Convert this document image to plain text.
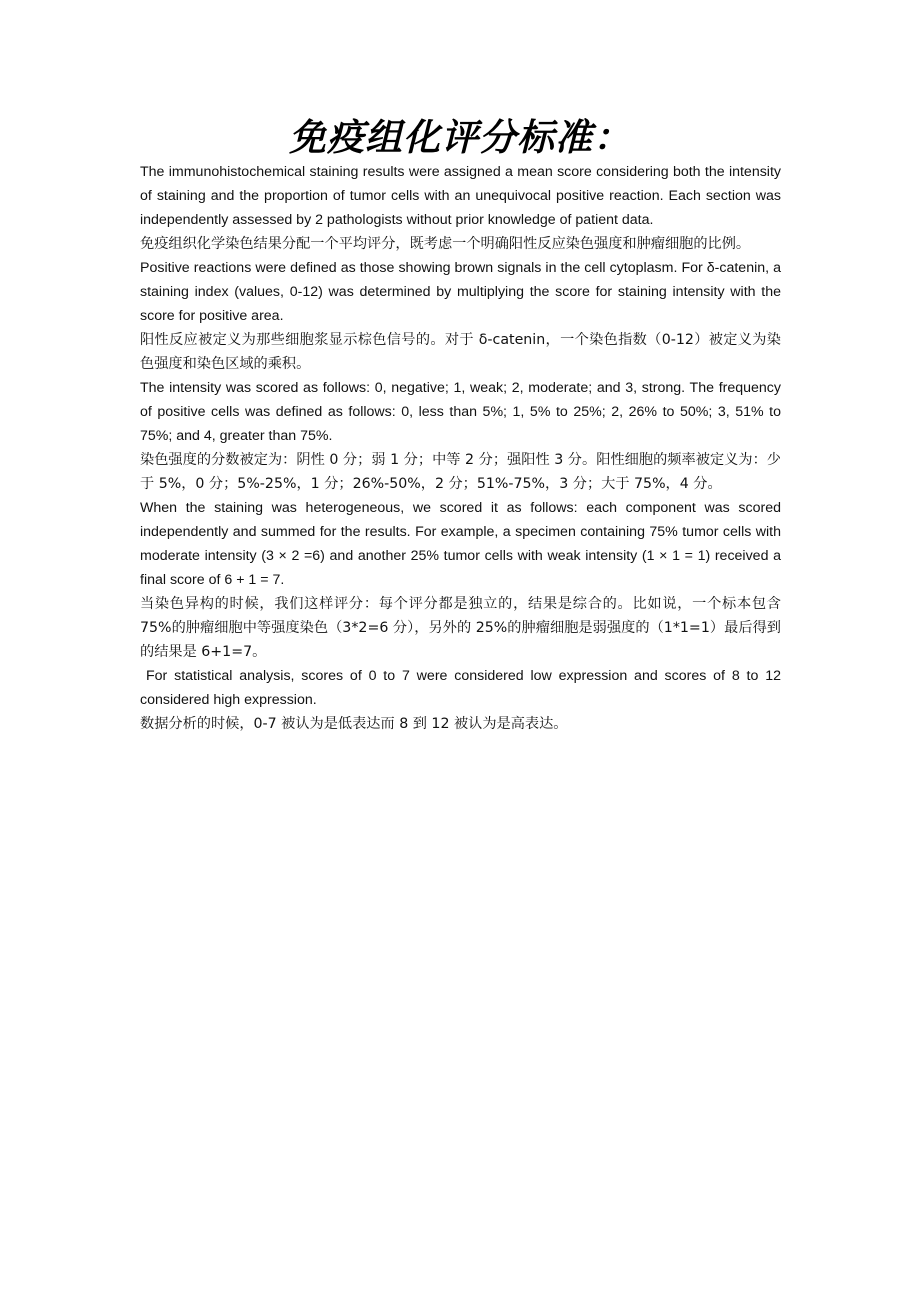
免疫组化评分标准：

The immunohistochemical staining results were assigned a mean score considering both the intensity of staining and the proportion of tumor cells with an unequivocal positive reaction. Each section was independently assessed by 2 pathologists without prior knowledge of patient data.

免疫组织化学染色结果分配一个平均评分，既考虑一个明确阳性反应染色强度和肿瘤细胞的比例。

Positive reactions were defined as those showing brown signals in the cell cytoplasm. For δ-catenin, a staining index (values, 0-12) was determined by multiplying the score for staining intensity with the score for positive area.

阳性反应被定义为那些细胞浆显示棕色信号的。对于 δ-catenin，一个染色指数（0-12）被定义为染色强度和染色区域的乘积。

The intensity was scored as follows: 0, negative; 1, weak; 2, moderate; and 3, strong. The frequency of positive cells was defined as follows: 0, less than 5%; 1, 5% to 25%; 2, 26% to 50%; 3, 51% to 75%; and 4, greater than 75%.

染色强度的分数被定为：阴性 0 分；弱 1 分；中等 2 分；强阳性 3 分。阳性细胞的频率被定义为：少于 5%，0 分；5%-25%，1 分；26%-50%，2 分；51%-75%，3 分；大于 75%，4 分。

When the staining was heterogeneous, we scored it as follows: each component was scored independently and summed for the results. For example, a specimen containing 75% tumor cells with moderate intensity (3 × 2 =6) and another 25% tumor cells with weak intensity (1 × 1 = 1) received a final score of 6 + 1 = 7.

当染色异构的时候，我们这样评分：每个评分都是独立的，结果是综合的。比如说，一个标本包含 75%的肿瘤细胞中等强度染色（3*2=6 分），另外的 25%的肿瘤细胞是弱强度的（1*1=1）最后得到的结果是 6+1=7。

For statistical analysis, scores of 0 to 7 were considered low expression and scores of 8 to 12 considered high expression.

数据分析的时候，0-7 被认为是低表达而 8 到 12 被认为是高表达。
